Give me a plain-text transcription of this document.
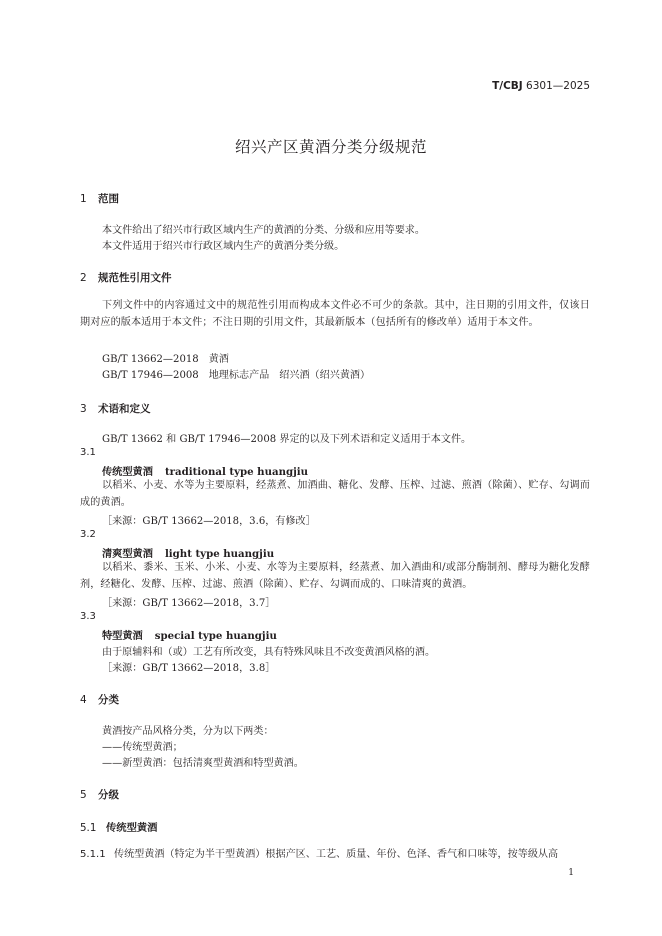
T/CBJ 6301—2025
绍兴产区黄酒分类分级规范
1 范围
本文件给出了绍兴市行政区域内生产的黄酒的分类、分级和应用等要求。
本文件适用于绍兴市行政区域内生产的黄酒分类分级。
2 规范性引用文件
下列文件中的内容通过文中的规范性引用而构成本文件必不可少的条款。其中，注日期的引用文件，仅该日期对应的版本适用于本文件；不注日期的引用文件，其最新版本（包括所有的修改单）适用于本文件。
GB/T 13662—2018 黄酒
GB/T 17946—2008 地理标志产品 绍兴酒（绍兴黄酒）
3 术语和定义
GB/T 13662 和 GB/T 17946—2008 界定的以及下列术语和定义适用于本文件。
3.1
传统型黄酒 traditional type huangjiu
以稻米、小麦、水等为主要原料，经蒸煮、加酒曲、糖化、发酵、压榨、过滤、煎酒（除菌）、贮存、勾调而成的黄酒。
［来源：GB/T 13662—2018，3.6，有修改］
3.2
清爽型黄酒 light type huangjiu
以稻米、黍米、玉米、小米、小麦、水等为主要原料，经蒸煮、加入酒曲和/或部分酶制剂、酵母为糖化发酵剂，经糖化、发酵、压榨、过滤、煎酒（除菌）、贮存、勾调而成的、口味清爽的黄酒。
［来源：GB/T 13662—2018，3.7］
3.3
特型黄酒 special type huangjiu
由于原辅料和（或）工艺有所改变，具有特殊风味且不改变黄酒风格的酒。
［来源：GB/T 13662—2018，3.8］
4 分类
黄酒按产品风格分类，分为以下两类：
——传统型黄酒；
——新型黄酒：包括清爽型黄酒和特型黄酒。
5 分级
5.1 传统型黄酒
5.1.1 传统型黄酒（特定为半干型黄酒）根据产区、工艺、质量、年份、色泽、香气和口味等，按等级从高
1
